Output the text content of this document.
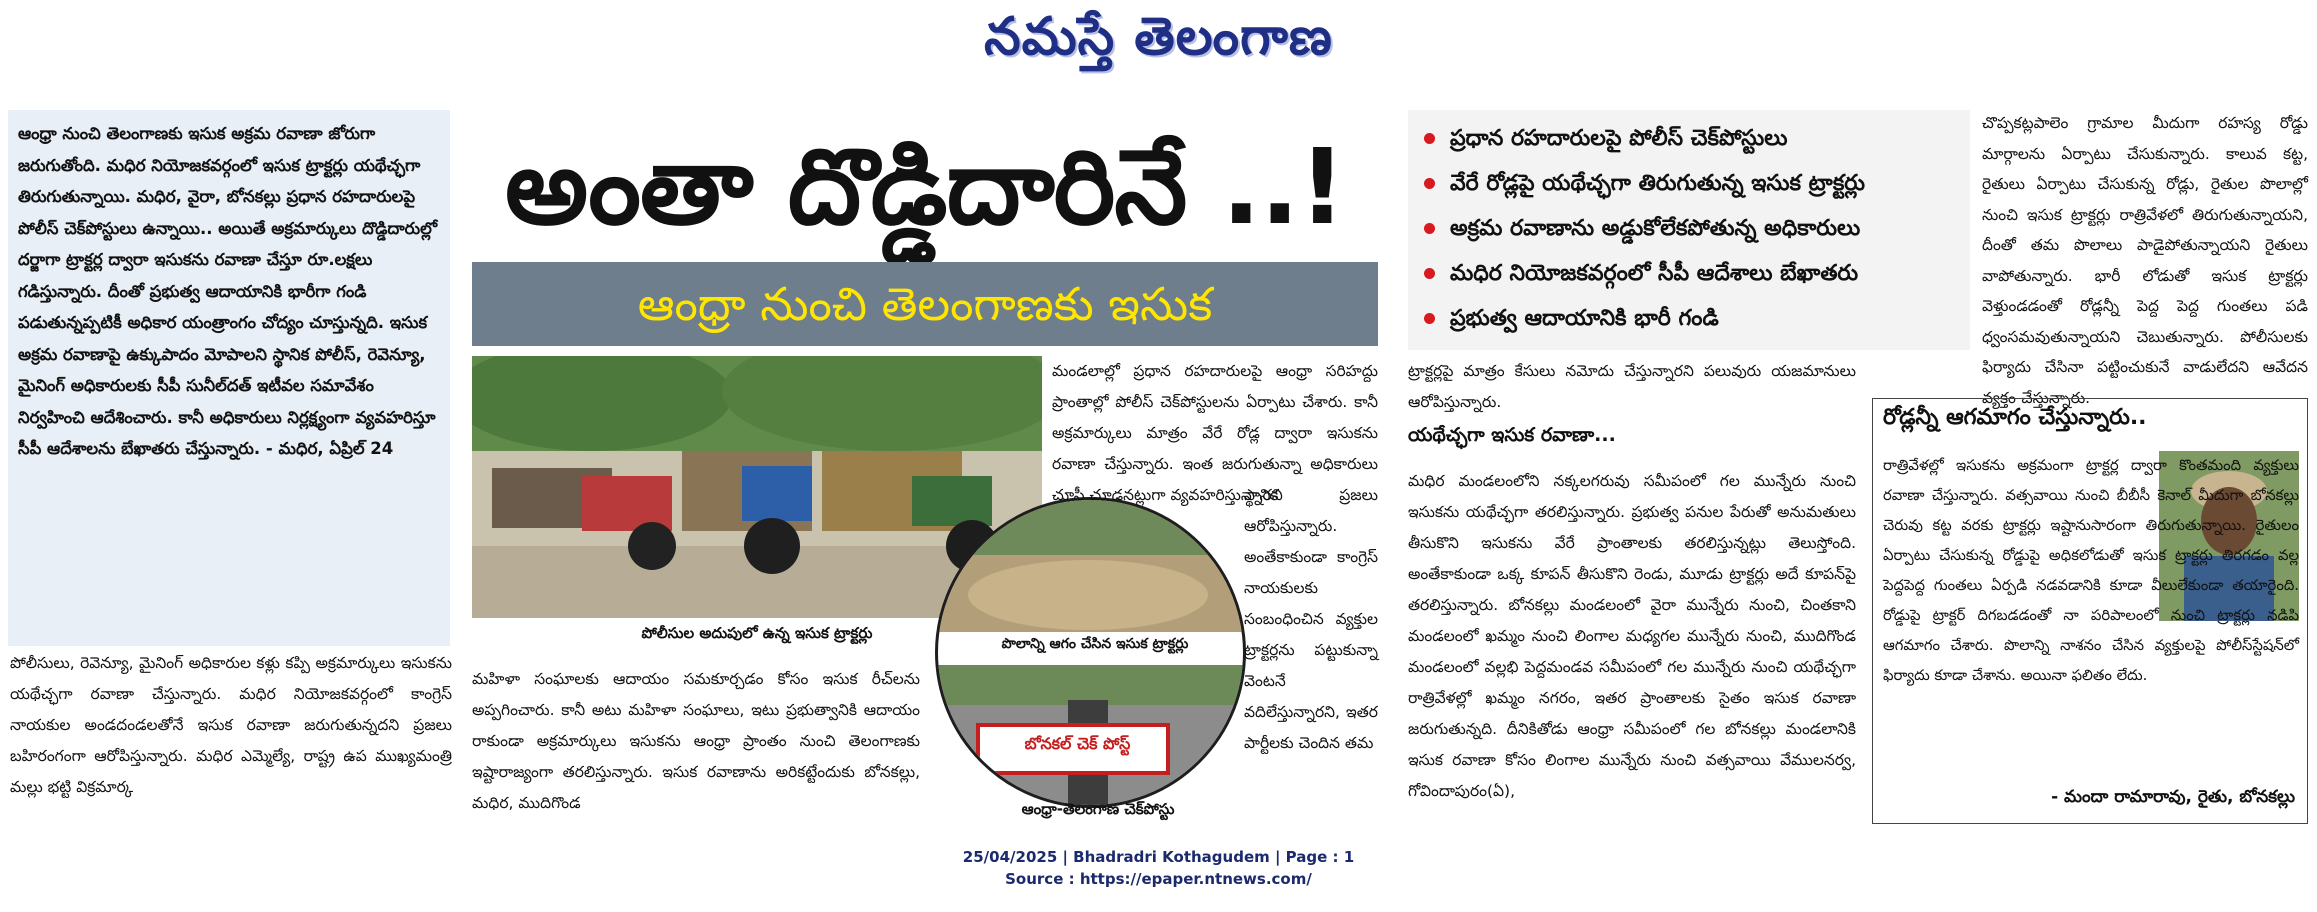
నమస్తే తెలంగాణ
ఆంధ్రా నుంచి తెలంగాణకు ఇసుక అక్రమ రవాణా జోరుగా జరుగుతోంది. మధిర నియోజకవర్గంలో ఇసుక ట్రాక్టర్లు యథేచ్ఛగా తిరుగుతున్నాయి. మధిర, వైరా, బోనకల్లు ప్రధాన రహదారులపై పోలీస్ చెక్‌పోస్టులు ఉన్నాయి.. అయితే అక్రమార్కులు దొడ్డిదారుల్లో దర్జాగా ట్రాక్టర్ల ద్వారా ఇసుకను రవాణా చేస్తూ రూ.లక్షలు గడిస్తున్నారు. దీంతో ప్రభుత్వ ఆదాయానికి భారీగా గండి పడుతున్నప్పటికీ అధికార యంత్రాంగం చోద్యం చూస్తున్నది. ఇసుక అక్రమ రవాణాపై ఉక్కుపాదం మోపాలని స్థానిక పోలీస్, రెవెన్యూ, మైనింగ్ అధికారులకు సీపీ సునీల్‌దత్ ఇటీవల సమావేశం నిర్వహించి ఆదేశించారు. కానీ అధికారులు నిర్లక్ష్యంగా వ్యవహరిస్తూ సీపీ ఆదేశాలను బేఖాతరు చేస్తున్నారు. - మధిర, ఏప్రిల్ 24
అంతా దొడ్డిదారినే ..!
ఆంధ్రా నుంచి తెలంగాణకు ఇసుక
ప్రధాన రహదారులపై పోలీస్ చెక్‌పోస్టులు
వేరే రోడ్లపై యథేచ్ఛగా తిరుగుతున్న ఇసుక ట్రాక్టర్లు
అక్రమ రవాణాను అడ్డుకోలేకపోతున్న అధికారులు
మధిర నియోజకవర్గంలో సీపీ ఆదేశాలు బేఖాతరు
ప్రభుత్వ ఆదాయానికి భారీ గండి
పోలీసుల అదుపులో ఉన్న ఇసుక ట్రాక్టర్లు
పొలాన్ని ఆగం చేసిన ఇసుక ట్రాక్టర్లు
బోనకల్ చెక్ పోస్ట్
ఆంధ్రా-తెలంగాణ చెక్‌పోస్టు
పోలీసులు, రెవెన్యూ, మైనింగ్ అధికారుల కళ్లు కప్పి అక్రమార్కులు ఇసుకను యథేచ్ఛగా రవాణా చేస్తున్నారు. మధిర నియోజకవర్గంలో కాంగ్రెస్ నాయకుల అండదండలతోనే ఇసుక రవాణా జరుగుతున్నదని ప్రజలు బహిరంగంగా ఆరోపిస్తున్నారు. మధిర ఎమ్మెల్యే, రాష్ట్ర ఉప ముఖ్యమంత్రి మల్లు భట్టి విక్రమార్క
మహిళా సంఘాలకు ఆదాయం సమకూర్చడం కోసం ఇసుక రీచ్‌లను అప్పగించారు. కానీ అటు మహిళా సంఘాలు, ఇటు ప్రభుత్వానికి ఆదాయం రాకుండా అక్రమార్కులు ఇసుకను ఆంధ్రా ప్రాంతం నుంచి తెలంగాణకు ఇష్టారాజ్యంగా తరలిస్తున్నారు. ఇసుక రవాణాను అరికట్టేందుకు బోనకల్లు, మధిర, ముదిగొండ
మండలాల్లో ప్రధాన రహదారులపై ఆంధ్రా సరిహద్దు ప్రాంతాల్లో పోలీస్ చెక్‌పోస్టులను ఏర్పాటు చేశారు. కానీ అక్రమార్కులు మాత్రం వేరే రోడ్ల ద్వారా ఇసుకను రవాణా చేస్తున్నారు. ఇంత జరుగుతున్నా అధికారులు చూసీ చూడనట్లుగా వ్యవహరిస్తున్నారని
స్థానిక ప్రజలు ఆరోపిస్తున్నారు. అంతేకాకుండా కాంగ్రెస్ నాయకులకు సంబంధించిన వ్యక్తుల ట్రాక్టర్లను పట్టుకున్నా వెంటనే వదిలేస్తున్నారని, ఇతర పార్టీలకు చెందిన తమ
ట్రాక్టర్లపై మాత్రం కేసులు నమోదు చేస్తున్నారని పలువురు యజమానులు ఆరోపిస్తున్నారు.
యథేచ్ఛగా ఇసుక రవాణా...
మధిర మండలంలోని నక్కలగరువు సమీపంలో గల మున్నేరు నుంచి ఇసుకను యథేచ్ఛగా తరలిస్తున్నారు. ప్రభుత్వ పనుల పేరుతో అనుమతులు తీసుకొని ఇసుకను వేరే ప్రాంతాలకు తరలిస్తున్నట్లు తెలుస్తోంది. అంతేకాకుండా ఒక్క కూపన్ తీసుకొని రెండు, మూడు ట్రాక్టర్లు అదే కూపన్‌పై తరలిస్తున్నారు. బోనకల్లు మండలంలో వైరా మున్నేరు నుంచి, చింతకాని మండలంలో ఖమ్మం నుంచి లింగాల మధ్యగల మున్నేరు నుంచి, ముదిగొండ మండలంలో వల్లభి పెద్దమండవ సమీపంలో గల మున్నేరు నుంచి యథేచ్ఛగా రాత్రివేళల్లో ఖమ్మం నగరం, ఇతర ప్రాంతాలకు సైతం ఇసుక రవాణా జరుగుతున్నది. దీనికితోడు ఆంధ్రా సమీపంలో గల బోనకల్లు మండలానికి ఇసుక రవాణా కోసం లింగాల మున్నేరు నుంచి వత్సవాయి వేములనర్వ, గోవిందాపురం(ఏ),
చొప్పకట్లపాలెం గ్రామాల మీదుగా రహస్య రోడ్డు మార్గాలను ఏర్పాటు చేసుకున్నారు. కాలువ కట్ట, రైతులు ఏర్పాటు చేసుకున్న రోడ్లు, రైతుల పొలాల్లో నుంచి ఇసుక ట్రాక్టర్లు రాత్రివేళలో తిరుగుతున్నాయని, దీంతో తమ పొలాలు పాడైపోతున్నాయని రైతులు వాపోతున్నారు. భారీ లోడుతో ఇసుక ట్రాక్టర్లు వెళ్తుండడంతో రోడ్లన్నీ పెద్ద పెద్ద గుంతలు పడి ధ్వంసమవుతున్నాయని చెబుతున్నారు. పోలీసులకు ఫిర్యాదు చేసినా పట్టించుకునే వాడులేదని ఆవేదన వ్యక్తం చేస్తున్నారు.
రోడ్లన్నీ ఆగమాగం చేస్తున్నారు..
రాత్రివేళల్లో ఇసుకను అక్రమంగా ట్రాక్టర్ల ద్వారా కొంతమంది వ్యక్తులు రవాణా చేస్తున్నారు. వత్సవాయి నుంచి బీబీసీ కెనాల్ మీదుగా బోనకల్లు చెరువు కట్ట వరకు ట్రాక్టర్లు ఇష్టానుసారంగా తిరుగుతున్నాయి. రైతులం ఏర్పాటు చేసుకున్న రోడ్డుపై అధికలోడుతో ఇసుక ట్రాక్టర్లు తిరగడం వల్ల పెద్దపెద్ద గుంతలు ఏర్పడి నడవడానికి కూడా వీలులేకుండా తయారైంది. రోడ్డుపై ట్రాక్టర్ దిగబడడంతో నా పరిపాలంలో నుంచి ట్రాక్టర్లు నడిపి ఆగమాగం చేశారు. పొలాన్ని నాశనం చేసిన వ్యక్తులపై పోలీస్‌స్టేషన్‌లో ఫిర్యాదు కూడా చేశాను. అయినా ఫలితం లేదు.
- మందా రామారావు, రైతు, బోనకల్లు
25/04/2025 | Bhadradri Kothagudem | Page : 1
Source : https://epaper.ntnews.com/
